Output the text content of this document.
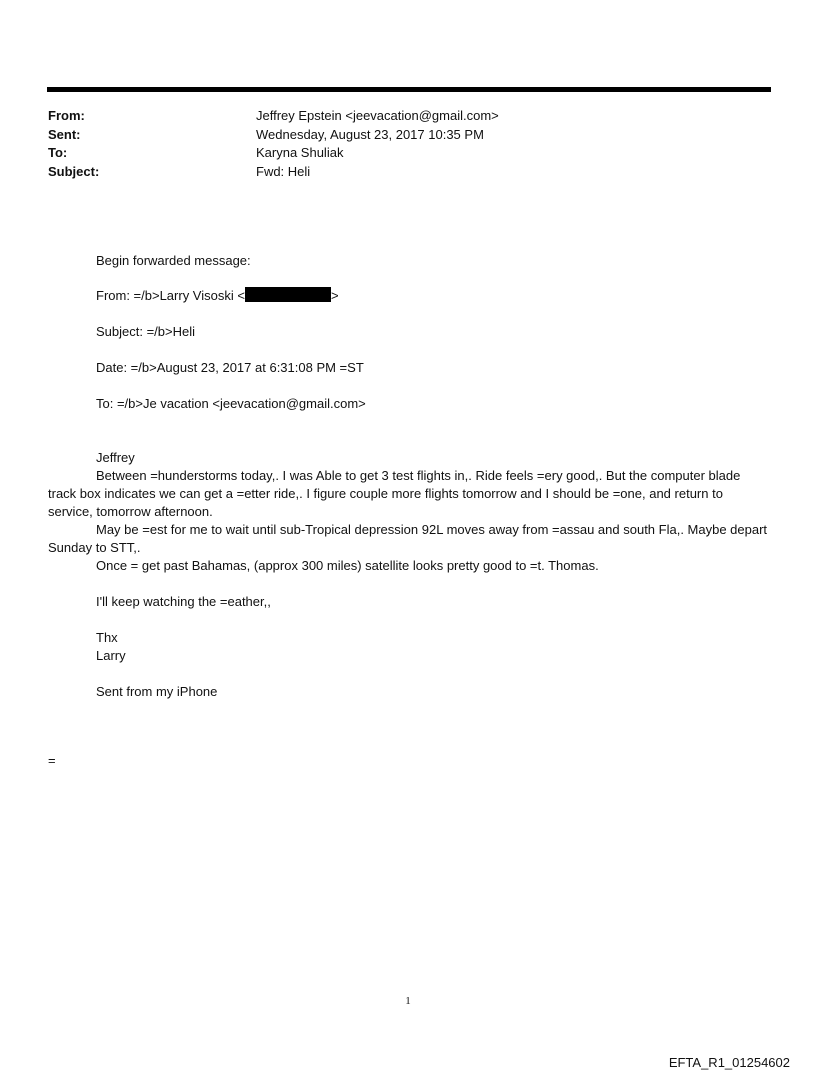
From:	Jeffrey Epstein <jeevacation@gmail.com>
Sent:	Wednesday, August 23, 2017 10:35 PM
To:	Karyna Shuliak
Subject:	Fwd: Heli
Begin forwarded message:
From: =/b>Larry Visoski <	>
Subject: =/b>Heli
Date: =/b>August 23, 2017 at 6:31:08 PM =ST
To: =/b>Je vacation <jeevacation@gmail.com>

Jeffrey

Between =hunderstorms today,. I was Able to get 3 test flights in,. Ride feels =ery good,. But the computer blade track box indicates we can get a =etter ride,. I figure couple more flights tomorrow and I should be =one, and return to service, tomorrow afternoon.

May be =est for me to wait until sub-Tropical depression 92L moves away from =assau and south Fla,. Maybe depart Sunday to STT,.

Once = get past Bahamas, (approx 300 miles) satellite looks pretty good to =t. Thomas.

I'll keep watching the =eather,,

Thx

Larry

Sent from my iPhone

=
1
EFTA_R1_01254602
